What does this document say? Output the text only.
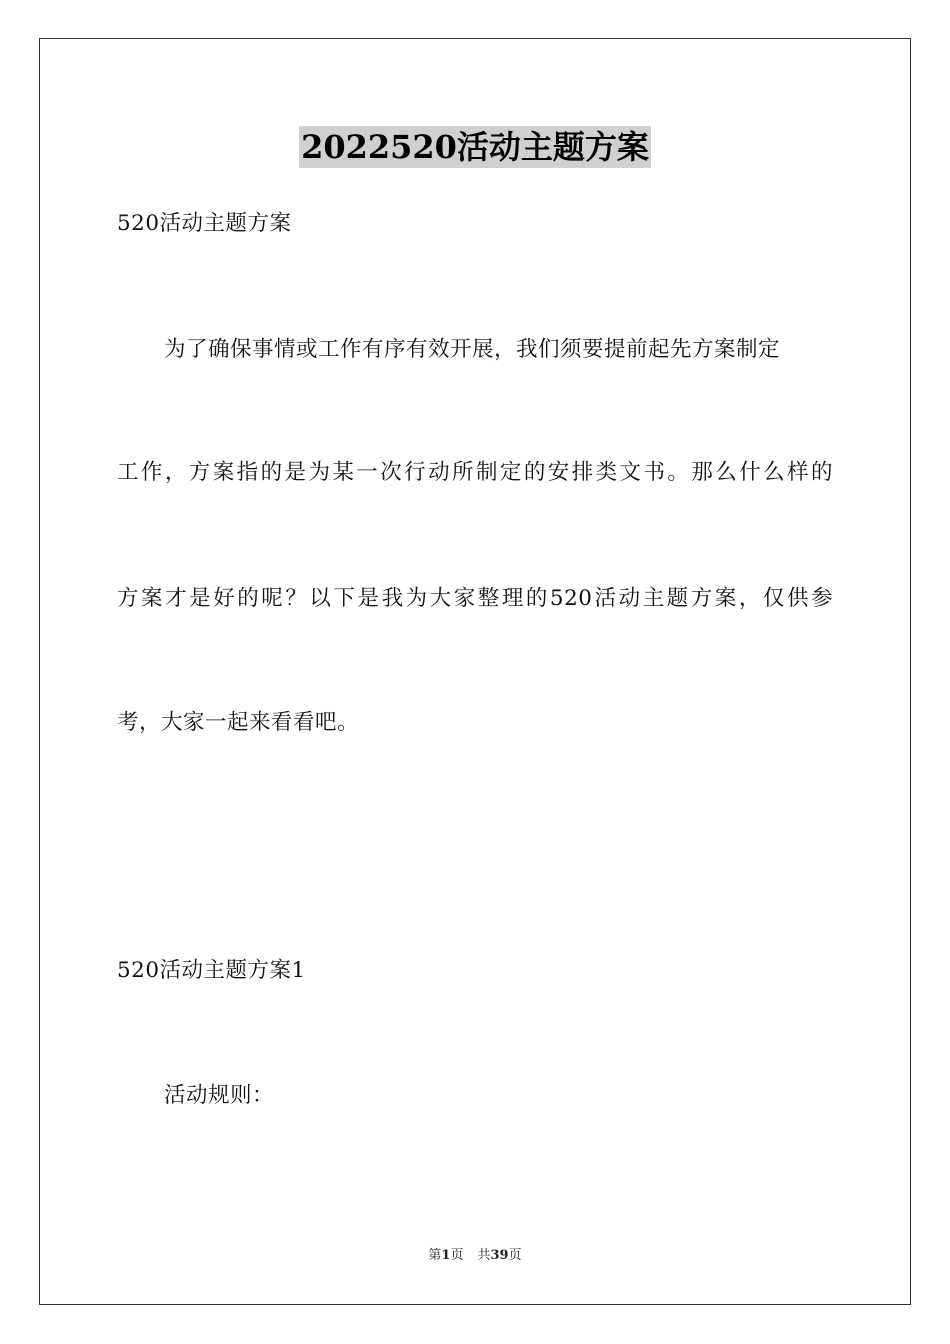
2022520活动主题方案
520活动主题方案
为了确保事情或工作有序有效开展，我们须要提前起先方案制定
工作，方案指的是为某一次行动所制定的安排类文书。那么什么样的
方案才是好的呢？以下是我为大家整理的520活动主题方案，仅供参
考，大家一起来看看吧。
520活动主题方案1
活动规则：
第1页 共39页
